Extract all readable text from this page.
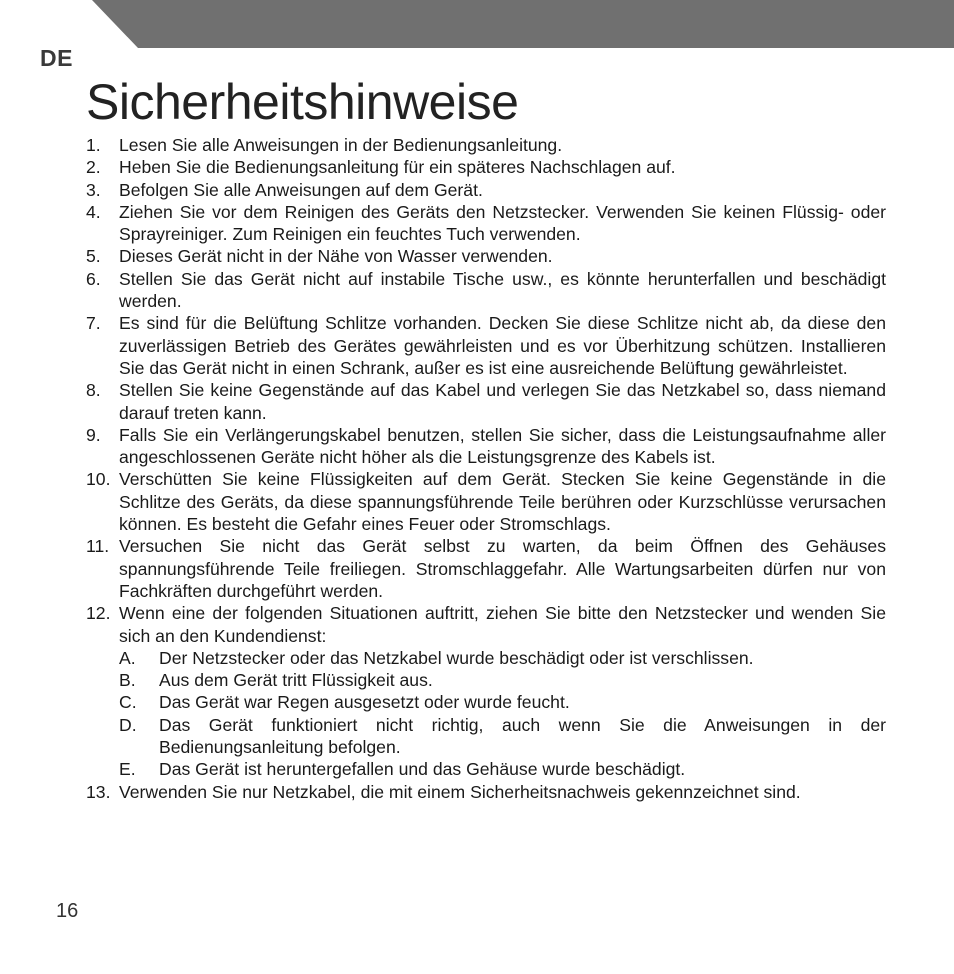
DE
Sicherheitshinweise
1. Lesen Sie alle Anweisungen in der Bedienungsanleitung.
2. Heben Sie die Bedienungsanleitung für ein späteres Nachschlagen auf.
3. Befolgen Sie alle Anweisungen auf dem Gerät.
4. Ziehen Sie vor dem Reinigen des Geräts den Netzstecker. Verwenden Sie keinen Flüssig- oder Sprayreiniger. Zum Reinigen ein feuchtes Tuch verwenden.
5. Dieses Gerät nicht in der Nähe von Wasser verwenden.
6. Stellen Sie das Gerät nicht auf instabile Tische usw., es könnte herunterfallen und beschädigt werden.
7. Es sind für die Belüftung Schlitze vorhanden. Decken Sie diese Schlitze nicht ab, da diese den zuverlässigen Betrieb des Gerätes gewährleisten und es vor Überhitzung schützen. Installieren Sie das Gerät nicht in einen Schrank, außer es ist eine ausreichende Belüftung gewährleistet.
8. Stellen Sie keine Gegenstände auf das Kabel und verlegen Sie das Netzkabel so, dass niemand darauf treten kann.
9. Falls Sie ein Verlängerungskabel benutzen, stellen Sie sicher, dass die Leistungsaufnahme aller angeschlossenen Geräte nicht höher als die Leistungsgrenze des Kabels ist.
10. Verschütten Sie keine Flüssigkeiten auf dem Gerät. Stecken Sie keine Gegenstände in die Schlitze des Geräts, da diese spannungsführende Teile berühren oder Kurzschlüsse verursachen können. Es besteht die Gefahr eines Feuer oder Stromschlags.
11. Versuchen Sie nicht das Gerät selbst zu warten, da beim Öffnen des Gehäuses spannungsführende Teile freiliegen. Stromschlaggefahr. Alle Wartungsarbeiten dürfen nur von Fachkräften durchgeführt werden.
12. Wenn eine der folgenden Situationen auftritt, ziehen Sie bitte den Netzstecker und wenden Sie sich an den Kundendienst:
A. Der Netzstecker oder das Netzkabel wurde beschädigt oder ist verschlissen.
B. Aus dem Gerät tritt Flüssigkeit aus.
C. Das Gerät war Regen ausgesetzt oder wurde feucht.
D. Das Gerät funktioniert nicht richtig, auch wenn Sie die Anweisungen in der Bedienungsanleitung befolgen.
E. Das Gerät ist heruntergefallen und das Gehäuse wurde beschädigt.
13. Verwenden Sie nur Netzkabel, die mit einem Sicherheitsnachweis gekennzeichnet sind.
16
